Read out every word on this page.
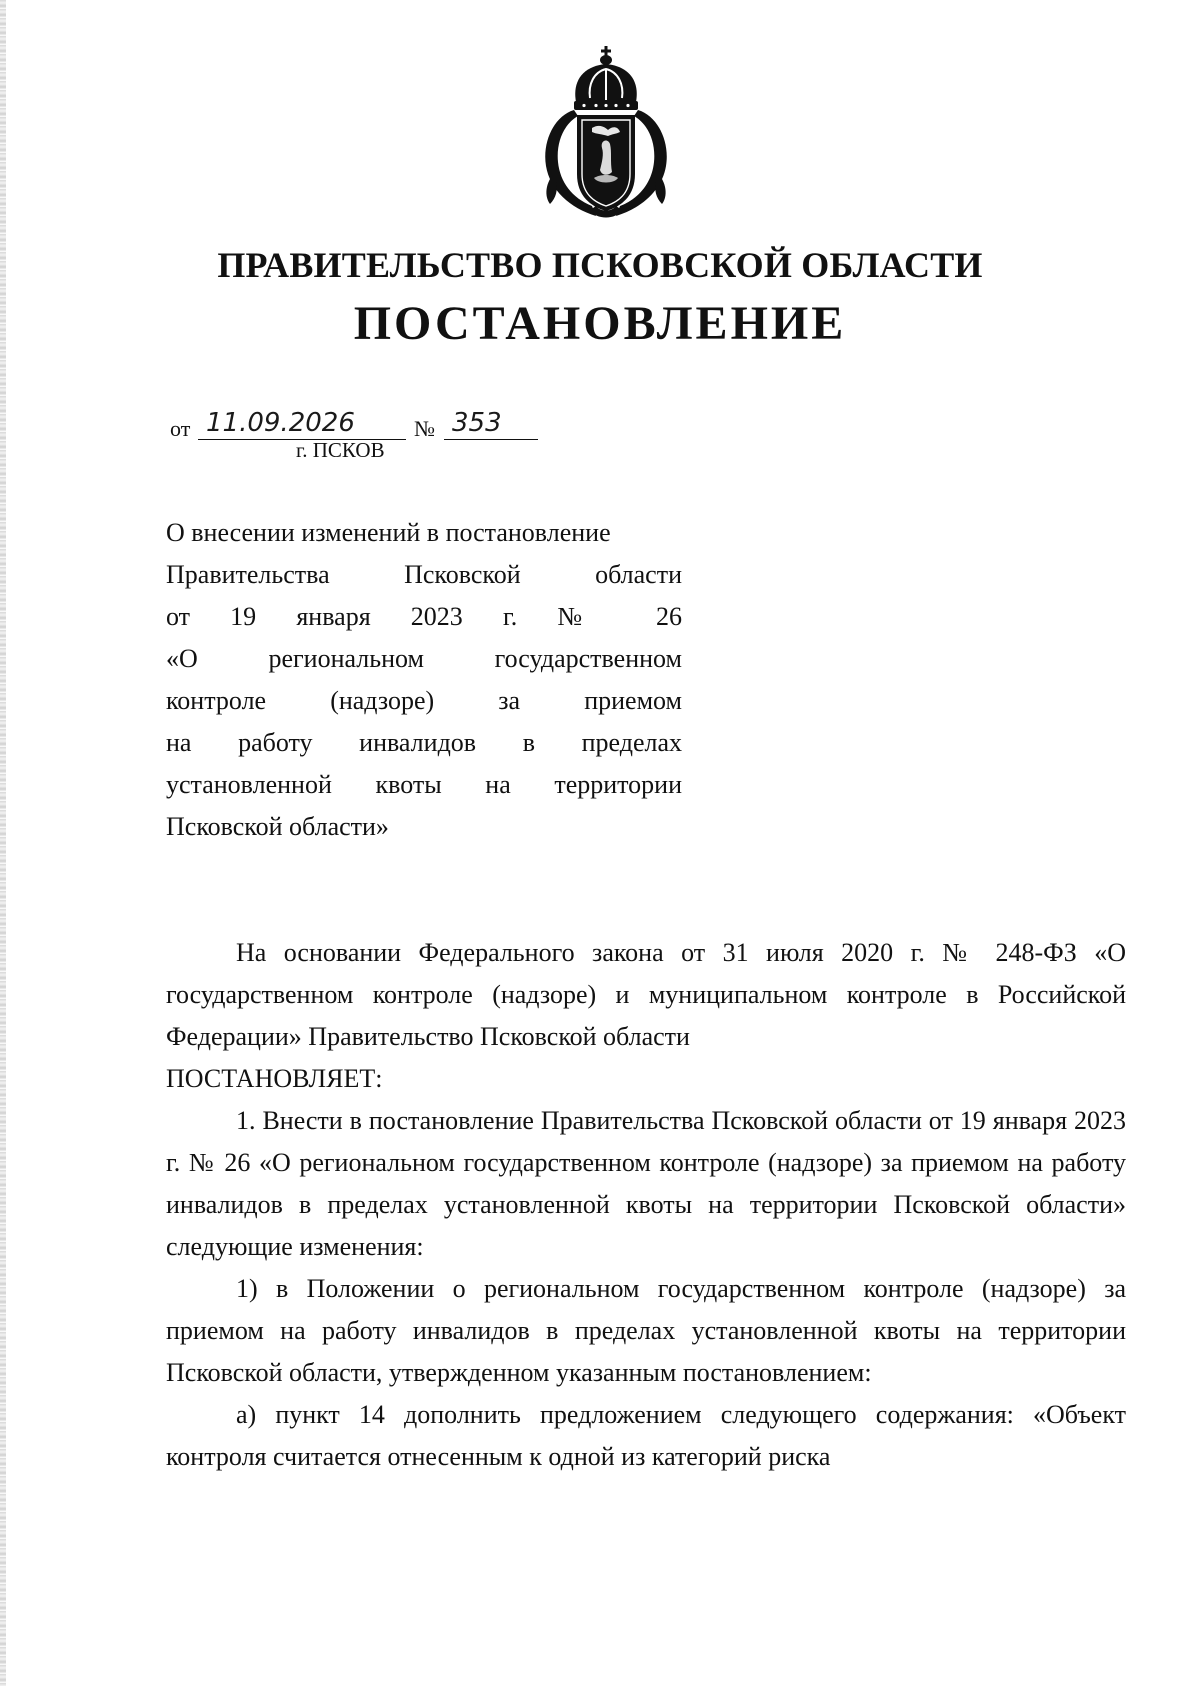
ПРАВИТЕЛЬСТВО ПСКОВСКОЙ ОБЛАСТИ
ПОСТАНОВЛЕНИЕ
от 11.09.2026	№ 353
г. ПСКОВ

О внесении изменений в постановление
Правительства Псковской области
от 19 января 2023 г. № 26
«О региональном государственном
контроле (надзоре) за приемом
на работу инвалидов в пределах
установленной квоты на территории
Псковской области»

На основании Федерального закона от 31 июля 2020 г. № 248-ФЗ «О государственном контроле (надзоре) и муниципальном контроле в Российской Федерации» Правительство Псковской области

ПОСТАНОВЛЯЕТ:

1. Внести в постановление Правительства Псковской области от 19 января 2023 г. № 26 «О региональном государственном контроле (надзоре) за приемом на работу инвалидов в пределах установленной квоты на территории Псковской области» следующие изменения:

1) в Положении о региональном государственном контроле (надзоре) за приемом на работу инвалидов в пределах установленной квоты на территории Псковской области, утвержденном указанным постановлением:

а) пункт 14 дополнить предложением следующего содержания: «Объект контроля считается отнесенным к одной из категорий риска
